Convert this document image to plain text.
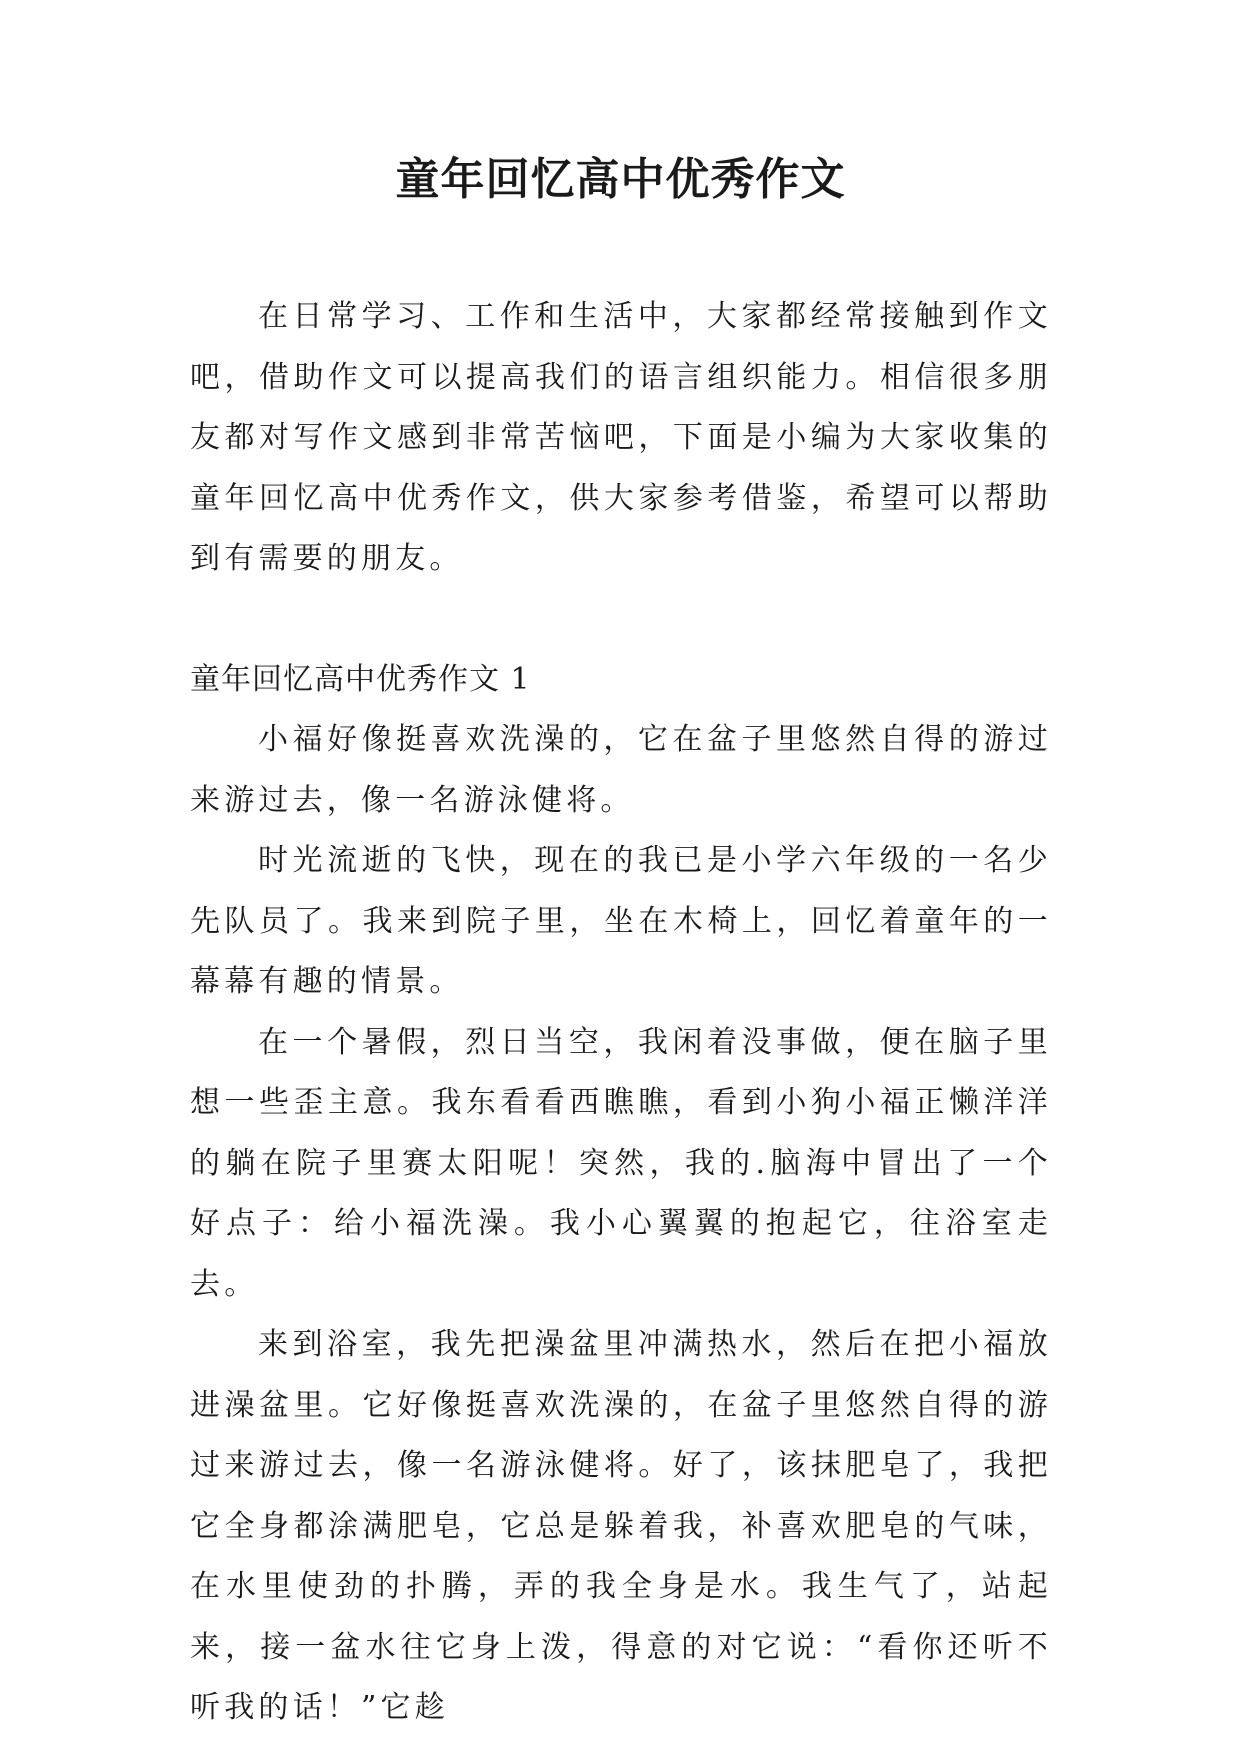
童年回忆高中优秀作文

在日常学习、工作和生活中，大家都经常接触到作文吧，借助作文可以提高我们的语言组织能力。相信很多朋友都对写作文感到非常苦恼吧，下面是小编为大家收集的童年回忆高中优秀作文，供大家参考借鉴，希望可以帮助到有需要的朋友。

童年回忆高中优秀作文 1

小福好像挺喜欢洗澡的，它在盆子里悠然自得的游过来游过去，像一名游泳健将。

时光流逝的飞快，现在的我已是小学六年级的一名少先队员了。我来到院子里，坐在木椅上，回忆着童年的一幕幕有趣的情景。

在一个暑假，烈日当空，我闲着没事做，便在脑子里想一些歪主意。我东看看西瞧瞧，看到小狗小福正懒洋洋的躺在院子里赛太阳呢！突然，我的.脑海中冒出了一个好点子：给小福洗澡。我小心翼翼的抱起它，往浴室走去。

来到浴室，我先把澡盆里冲满热水，然后在把小福放进澡盆里。它好像挺喜欢洗澡的，在盆子里悠然自得的游过来游过去，像一名游泳健将。好了，该抹肥皂了，我把它全身都涂满肥皂，它总是躲着我，补喜欢肥皂的气味，在水里使劲的扑腾，弄的我全身是水。我生气了，站起来，接一盆水往它身上泼，得意的对它说：“看你还听不听我的话！”它趁
